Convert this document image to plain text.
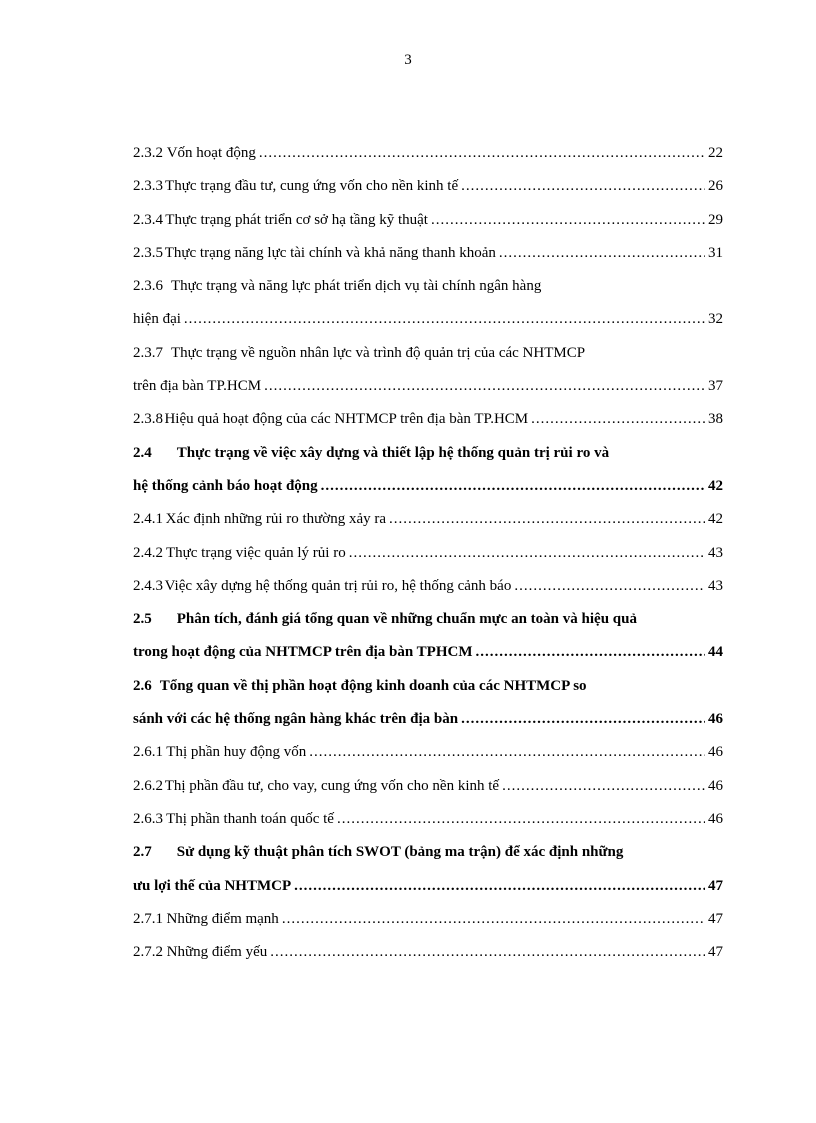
3
2.3.2 Vốn hoạt động .....	22
2.3.3 Thực trạng đầu tư, cung ứng vốn cho nền kinh tế .....	26
2.3.4 Thực trạng phát triển cơ sở hạ tầng kỹ thuật .....	29
2.3.5 Thực trạng năng lực tài chính và khả năng thanh khoản .....	31
2.3.6 Thực trạng và năng lực phát triển dịch vụ tài chính ngân hàng
hiện đại .....	32
2.3.7 Thực trạng về nguồn nhân lực và trình độ quản trị của các NHTMCP
trên địa bàn TP.HCM .....	37
2.3.8 Hiệu quả hoạt động của các NHTMCP trên địa bàn TP.HCM .....	38
2.4 Thực trạng về việc xây dựng và thiết lập hệ thống quản trị rủi ro và
hệ thống cảnh báo hoạt động .....	42
2.4.1 Xác định những rủi ro thường xảy ra .....	42
2.4.2 Thực trạng việc quản lý rủi ro .....	43
2.4.3 Việc xây dựng hệ thống quản trị rủi ro, hệ thống cảnh báo .....	43
2.5 Phân tích, đánh giá tổng quan về những chuẩn mực an toàn và hiệu quả
trong hoạt động của NHTMCP trên địa bàn TPHCM .....	44
2.6 Tổng quan về thị phần hoạt động kinh doanh của các NHTMCP so
sánh với các hệ thống ngân hàng khác trên địa bàn .....	46
2.6.1 Thị phần huy động vốn .....	46
2.6.2 Thị phần đầu tư, cho vay, cung ứng vốn cho nền kinh tế .....	46
2.6.3 Thị phần thanh toán quốc tế .....	46
2.7 Sử dụng kỹ thuật phân tích SWOT (bảng ma trận) để xác định những
ưu lợi thế của NHTMCP .....	47
2.7.1 Những điểm mạnh .....	47
2.7.2 Những điểm yếu .....	47
